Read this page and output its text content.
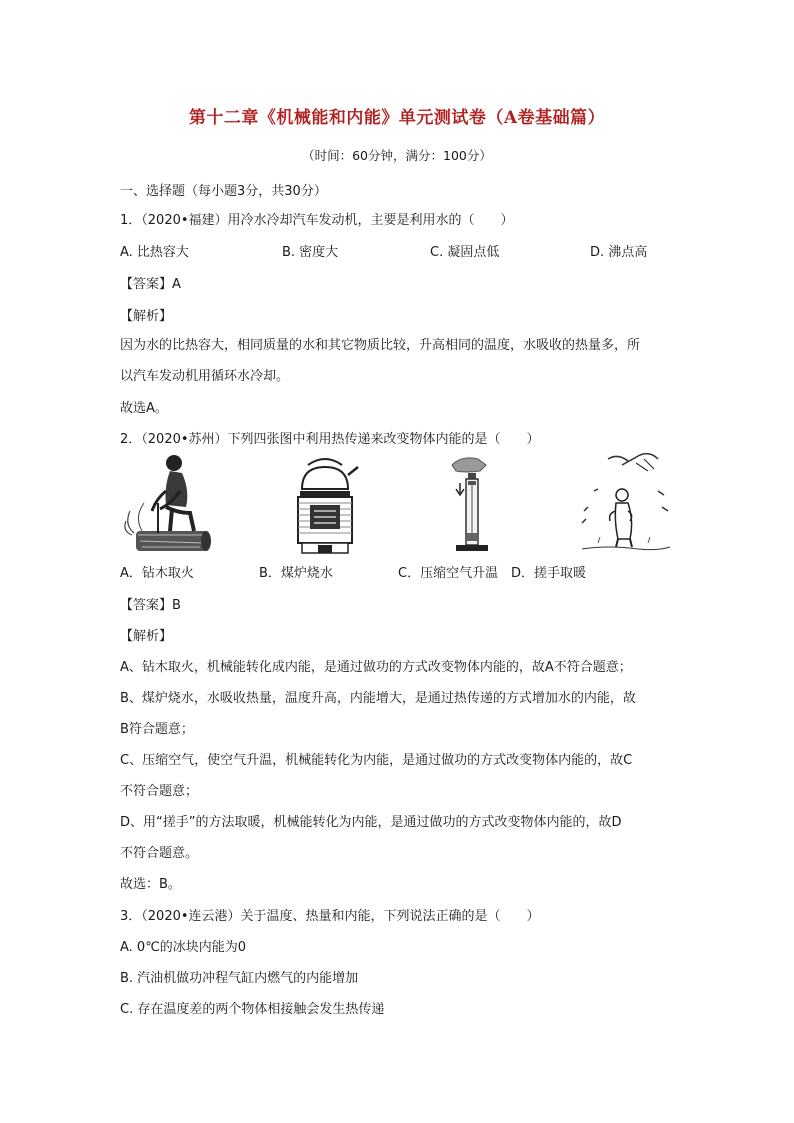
第十二章《机械能和内能》单元测试卷（A卷基础篇）
（时间：60分钟，满分：100分）
一、选择题（每小题3分，共30分）
1．（2020•福建）用冷水冷却汽车发动机，主要是利用水的（　　）
A. 比热容大	B. 密度大	C. 凝固点低	D. 沸点高
【答案】A
【解析】
因为水的比热容大，相同质量的水和其它物质比较，升高相同的温度，水吸收的热量多，所
以汽车发动机用循环水冷却。
故选A。
2．（2020•苏州）下列四张图中利用热传递来改变物体内能的是（　　）
A．钻木取火	B．煤炉烧水	C．压缩空气升温 D．搓手取暖
【答案】B
【解析】
A、钻木取火，机械能转化成内能，是通过做功的方式改变物体内能的，故A不符合题意；
B、煤炉烧水，水吸收热量，温度升高，内能增大，是通过热传递的方式增加水的内能，故
B符合题意；
C、压缩空气，使空气升温，机械能转化为内能，是通过做功的方式改变物体内能的，故C
不符合题意；
D、用“搓手”的方法取暖，机械能转化为内能，是通过做功的方式改变物体内能的，故D
不符合题意。
故选：B。
3．（2020•连云港）关于温度、热量和内能，下列说法正确的是（　　）
A. 0℃的冰块内能为0
B. 汽油机做功冲程气缸内燃气的内能增加
C. 存在温度差的两个物体相接触会发生热传递
